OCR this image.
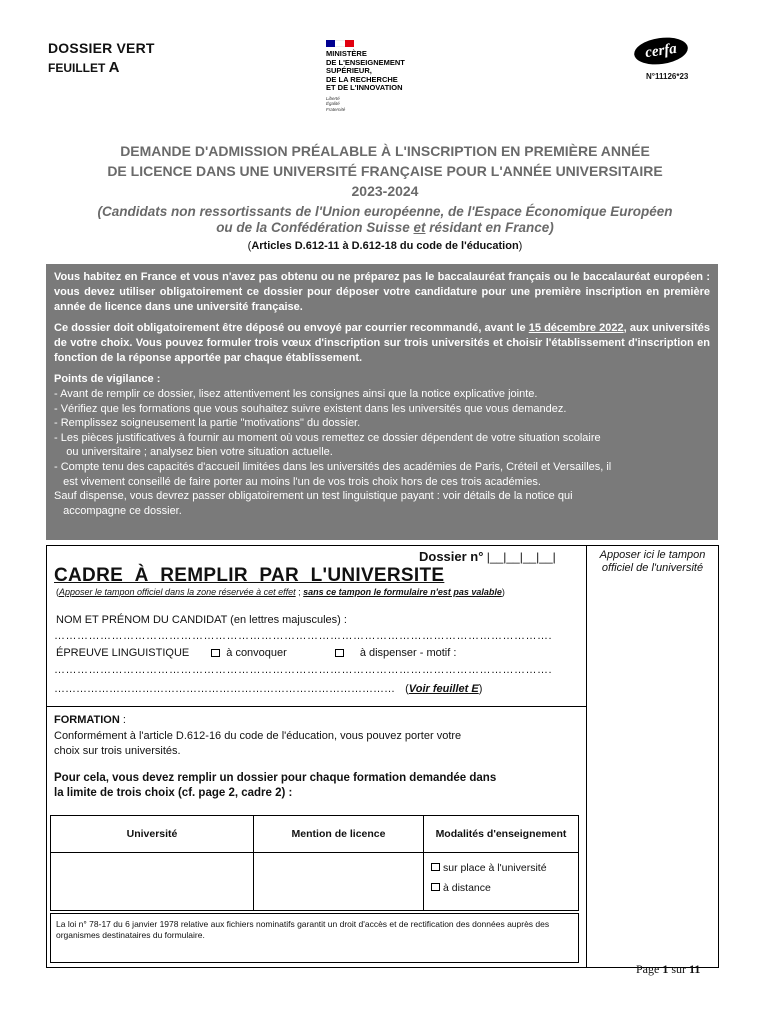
DOSSIER VERT
FEUILLET A
MINISTÈRE
DE L'ENSEIGNEMENT
SUPÉRIEUR,
DE LA RECHERCHE
ET DE L'INNOVATION
Liberté
Égalité
Fraternité
cerfa
N°11126*23
DEMANDE D'ADMISSION PRÉALABLE À L'INSCRIPTION EN PREMIÈRE ANNÉE
DE LICENCE DANS UNE UNIVERSITÉ FRANÇAISE POUR L'ANNÉE UNIVERSITAIRE
2023-2024
(Candidats non ressortissants de l'Union européenne, de l'Espace Économique Européen
ou de la Confédération Suisse et résidant en France)
(Articles D.612-11 à D.612-18 du code de l'éducation)

Vous habitez en France et vous n'avez pas obtenu ou ne préparez pas le baccalauréat français ou le baccalauréat européen : vous devez utiliser obligatoirement ce dossier pour déposer votre candidature pour une première inscription en première année de licence dans une université française.

Ce dossier doit obligatoirement être déposé ou envoyé par courrier recommandé, avant le 15 décembre 2022, aux universités de votre choix. Vous pouvez formuler trois vœux d'inscription sur trois universités et choisir l'établissement d'inscription en fonction de la réponse apportée par chaque établissement.

Points de vigilance :
- Avant de remplir ce dossier, lisez attentivement les consignes ainsi que la notice explicative jointe.
- Vérifiez que les formations que vous souhaitez suivre existent dans les universités que vous demandez.
- Remplissez soigneusement la partie "motivations" du dossier.
- Les pièces justificatives à fournir au moment où vous remettez ce dossier dépendent de votre situation scolaire
ou universitaire ; analysez bien votre situation actuelle.
- Compte tenu des capacités d'accueil limitées dans les universités des académies de Paris, Créteil et Versailles, il
est vivement conseillé de faire porter au moins l'un de vos trois choix hors de ces trois académies.
Sauf dispense, vous devrez passer obligatoirement un test linguistique payant : voir détails de la notice qui
accompagne ce dossier.
Apposer ici le tampon officiel de l'université
Dossier n° |__|__|__|__|
CADRE À REMPLIR PAR L'UNIVERSITE
(Apposer le tampon officiel dans la zone réservée à cet effet ; sans ce tampon le formulaire n'est pas valable)
NOM ET PRÉNOM DU CANDIDAT (en lettres majuscules) :
………………………………………………………………………………………………………………….
ÉPREUVE LINGUISTIQUE	à convoquer	à dispenser - motif :
………………………………………………………………………………………………………………….
………………………………………………………………………………… (Voir feuillet E)
FORMATION :
Conformément à l'article D.612-16 du code de l'éducation, vous pouvez porter votre
choix sur trois universités.
Pour cela, vous devez remplir un dossier pour chaque formation demandée dans
la limite de trois choix (cf. page 2, cadre 2) :
Université	Mention de licence	Modalités d'enseignement

		sur place à l'université
à distance
La loi n° 78-17 du 6 janvier 1978 relative aux fichiers nominatifs garantit un droit d'accès et de rectification des données auprès des organismes destinataires du formulaire.
Page 1 sur 11
